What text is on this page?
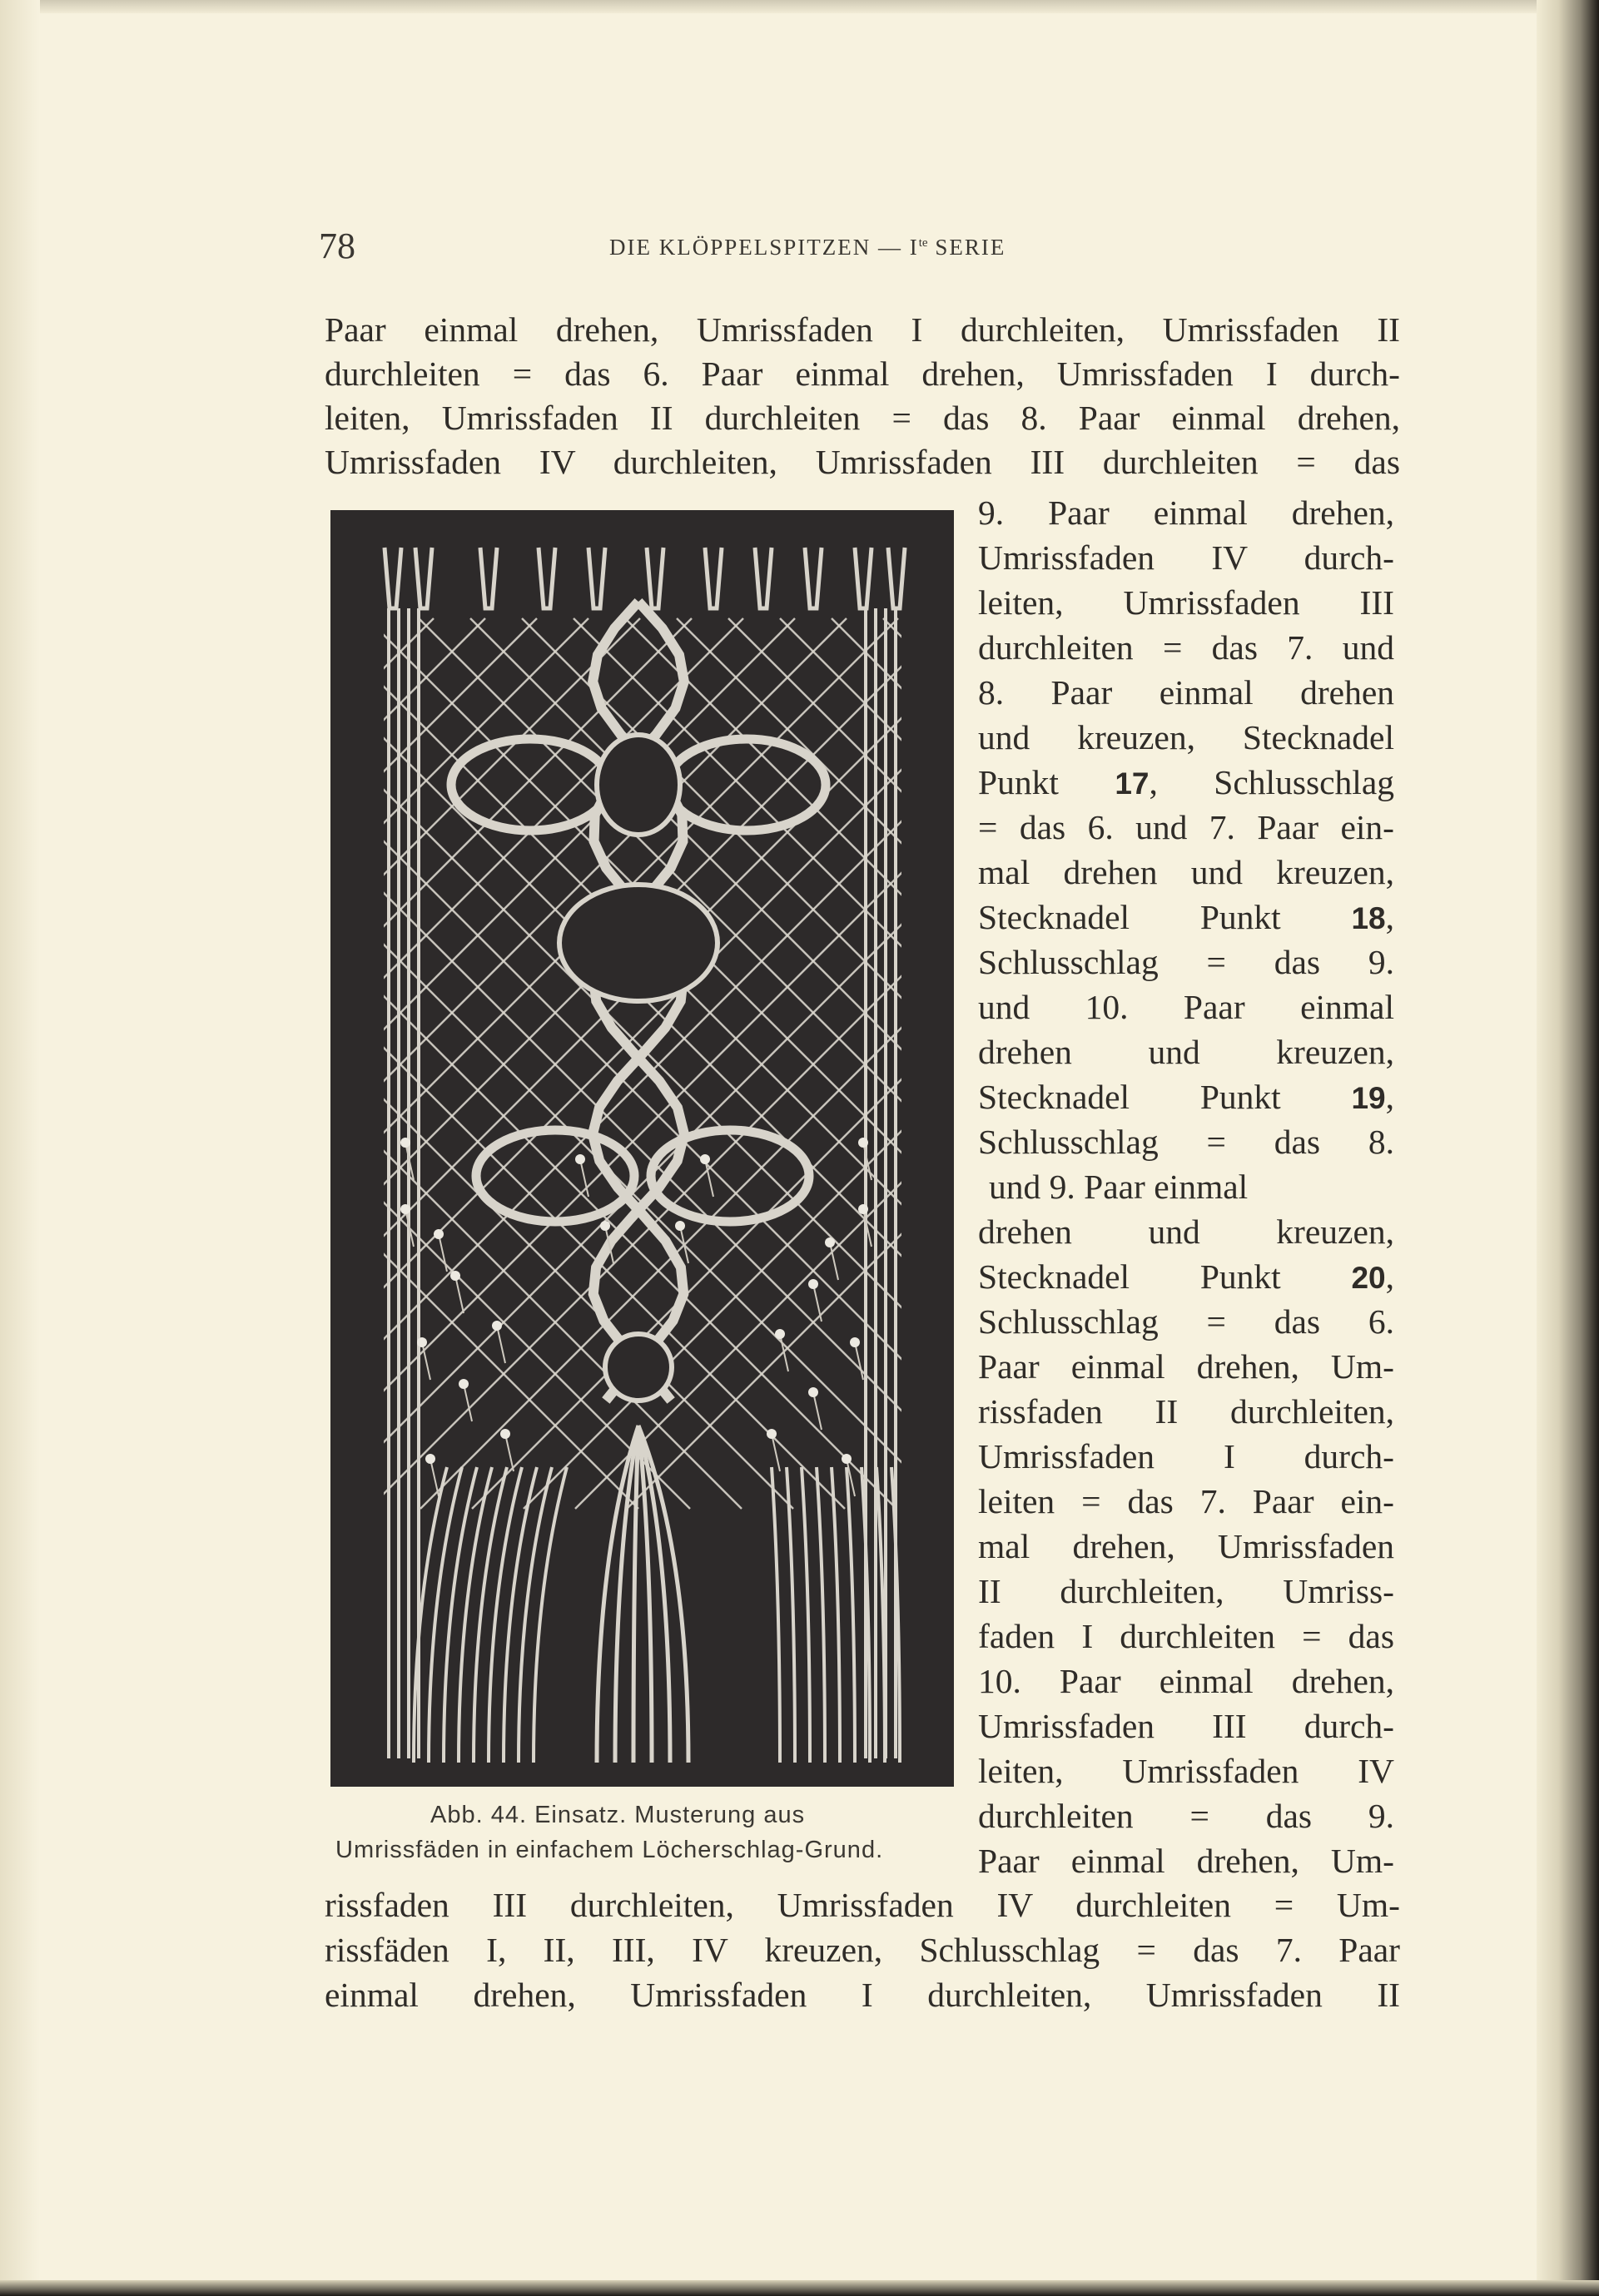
78	DIE KLÖPPELSPITZEN — $I^{te}$ SERIE
Paar einmal drehen, Umrissfaden I durchleiten, Umrissfaden II
durchleiten = das 6. Paar einmal drehen, Umrissfaden I durch-
leiten, Umrissfaden II durchleiten = das 8. Paar einmal drehen,
Umrissfaden IV durchleiten, Umrissfaden III durchleiten = das
9. Paar einmal drehen,
Umrissfaden IV durch-
leiten, Umrissfaden III
durchleiten = das 7. und
8. Paar einmal drehen
und kreuzen, Stecknadel
Punkt 17, Schlusschlag
= das 6. und 7. Paar ein-
mal drehen und kreuzen,
Stecknadel Punkt 18,
Schlusschlag = das 9.
und 10. Paar einmal
drehen und kreuzen,
Stecknadel Punkt 19,
Schlusschlag = das 8.
und 9. Paar einmal
drehen und kreuzen,
Stecknadel Punkt 20,
Schlusschlag = das 6.
Paar einmal drehen, Um-
rissfaden II durchleiten,
Umrissfaden I durch-
leiten = das 7. Paar ein-
mal drehen, Umrissfaden
II durchleiten, Umriss-
faden I durchleiten = das
10. Paar einmal drehen,
Umrissfaden III durch-
leiten, Umrissfaden IV
durchleiten = das 9.
Paar einmal drehen, Um-
Abb. 44. Einsatz. Musterung aus
Umrissfäden in einfachem Löcherschlag-Grund.
rissfaden III durchleiten, Umrissfaden IV durchleiten = Um-
rissfäden I, II, III, IV kreuzen, Schlusschlag = das 7. Paar
einmal drehen, Umrissfaden I durchleiten, Umrissfaden II
